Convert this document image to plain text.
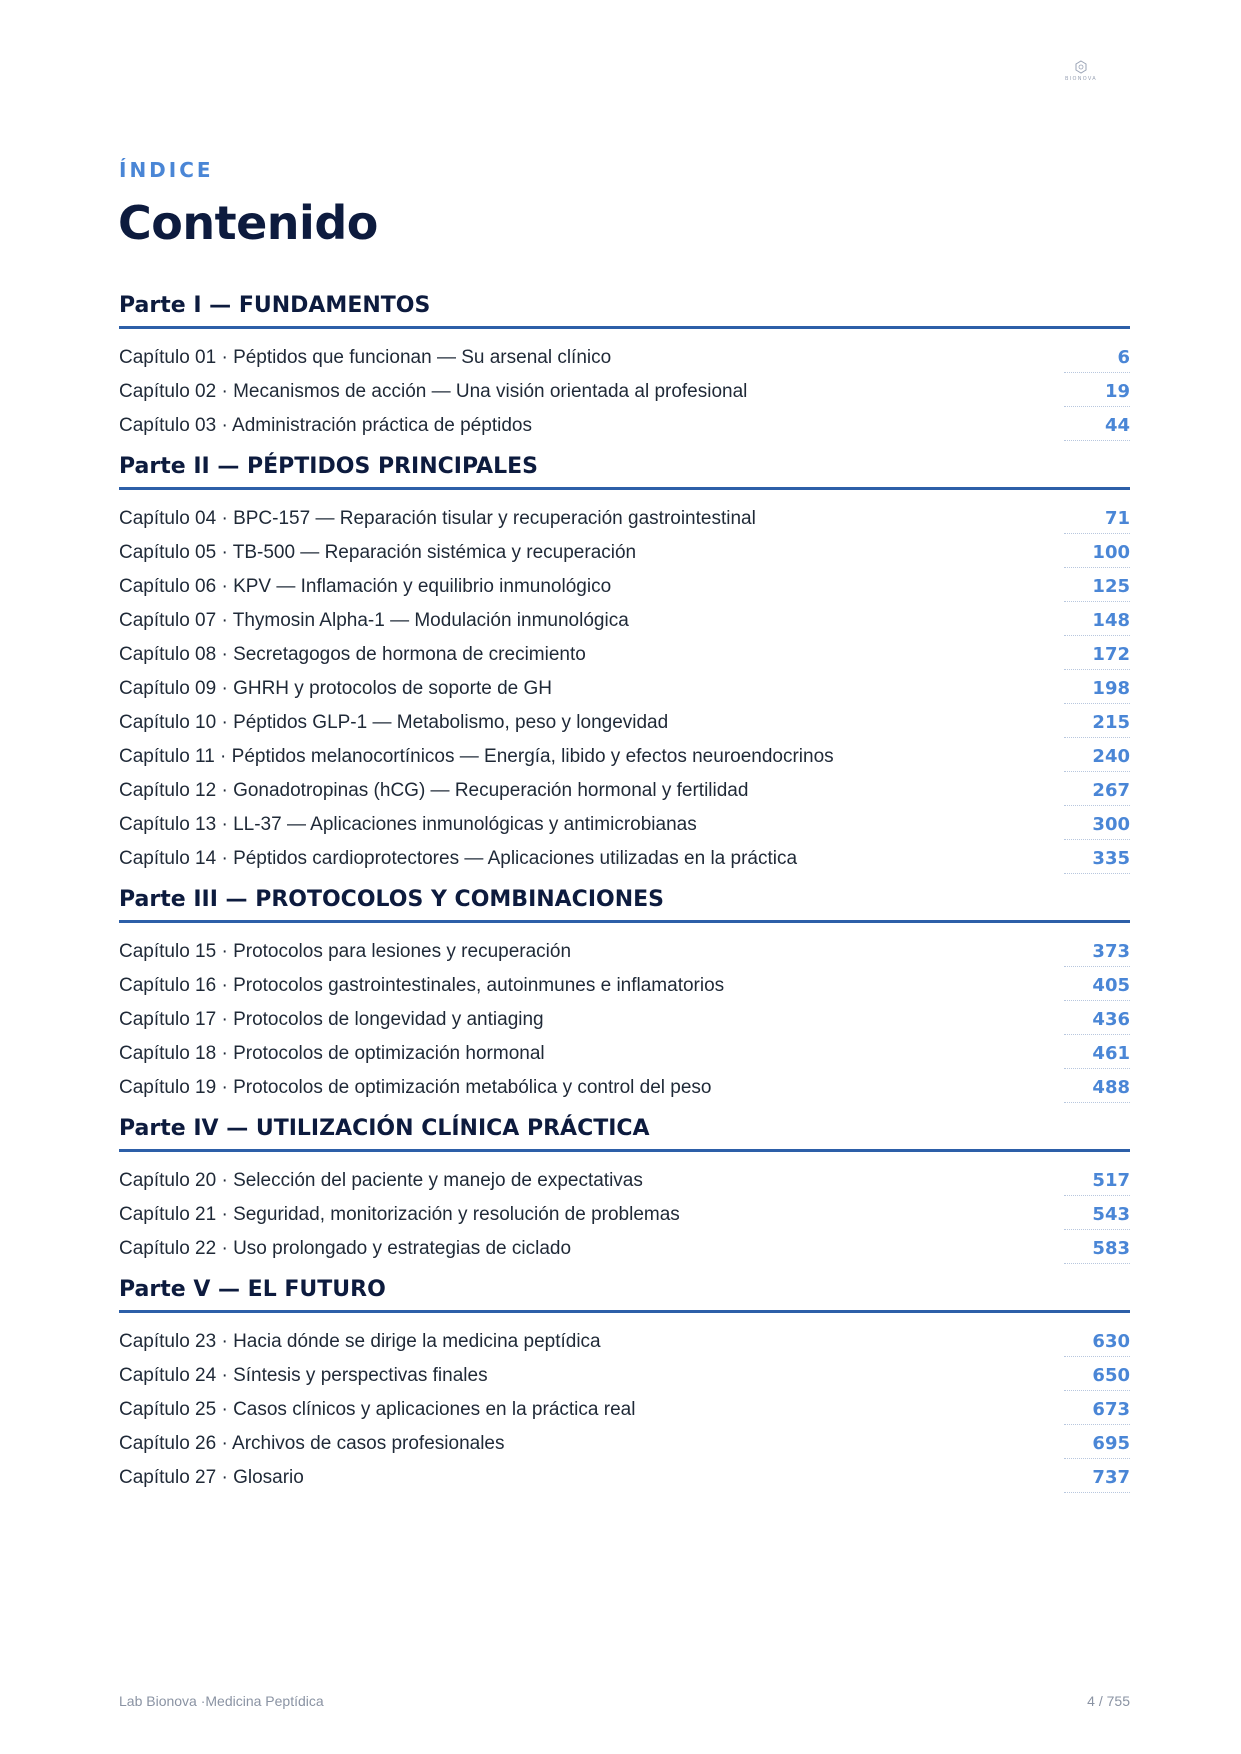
BIONOVA
ÍNDICE
Contenido
Parte I — FUNDAMENTOS
Capítulo 01 · Péptidos que funcionan — Su arsenal clínico	6
Capítulo 02 · Mecanismos de acción — Una visión orientada al profesional	19
Capítulo 03 · Administración práctica de péptidos	44
Parte II — PÉPTIDOS PRINCIPALES
Capítulo 04 · BPC-157 — Reparación tisular y recuperación gastrointestinal	71
Capítulo 05 · TB-500 — Reparación sistémica y recuperación	100
Capítulo 06 · KPV — Inflamación y equilibrio inmunológico	125
Capítulo 07 · Thymosin Alpha-1 — Modulación inmunológica	148
Capítulo 08 · Secretagogos de hormona de crecimiento	172
Capítulo 09 · GHRH y protocolos de soporte de GH	198
Capítulo 10 · Péptidos GLP-1 — Metabolismo, peso y longevidad	215
Capítulo 11 · Péptidos melanocortínicos — Energía, libido y efectos neuroendocrinos	240
Capítulo 12 · Gonadotropinas (hCG) — Recuperación hormonal y fertilidad	267
Capítulo 13 · LL-37 — Aplicaciones inmunológicas y antimicrobianas	300
Capítulo 14 · Péptidos cardioprotectores — Aplicaciones utilizadas en la práctica	335
Parte III — PROTOCOLOS Y COMBINACIONES
Capítulo 15 · Protocolos para lesiones y recuperación	373
Capítulo 16 · Protocolos gastrointestinales, autoinmunes e inflamatorios	405
Capítulo 17 · Protocolos de longevidad y antiaging	436
Capítulo 18 · Protocolos de optimización hormonal	461
Capítulo 19 · Protocolos de optimización metabólica y control del peso	488
Parte IV — UTILIZACIÓN CLÍNICA PRÁCTICA
Capítulo 20 · Selección del paciente y manejo de expectativas	517
Capítulo 21 · Seguridad, monitorización y resolución de problemas	543
Capítulo 22 · Uso prolongado y estrategias de ciclado	583
Parte V — EL FUTURO
Capítulo 23 · Hacia dónde se dirige la medicina peptídica	630
Capítulo 24 · Síntesis y perspectivas finales	650
Capítulo 25 · Casos clínicos y aplicaciones en la práctica real	673
Capítulo 26 · Archivos de casos profesionales	695
Capítulo 27 · Glosario	737
Lab Bionova ·Medicina Peptídica	4 / 755
